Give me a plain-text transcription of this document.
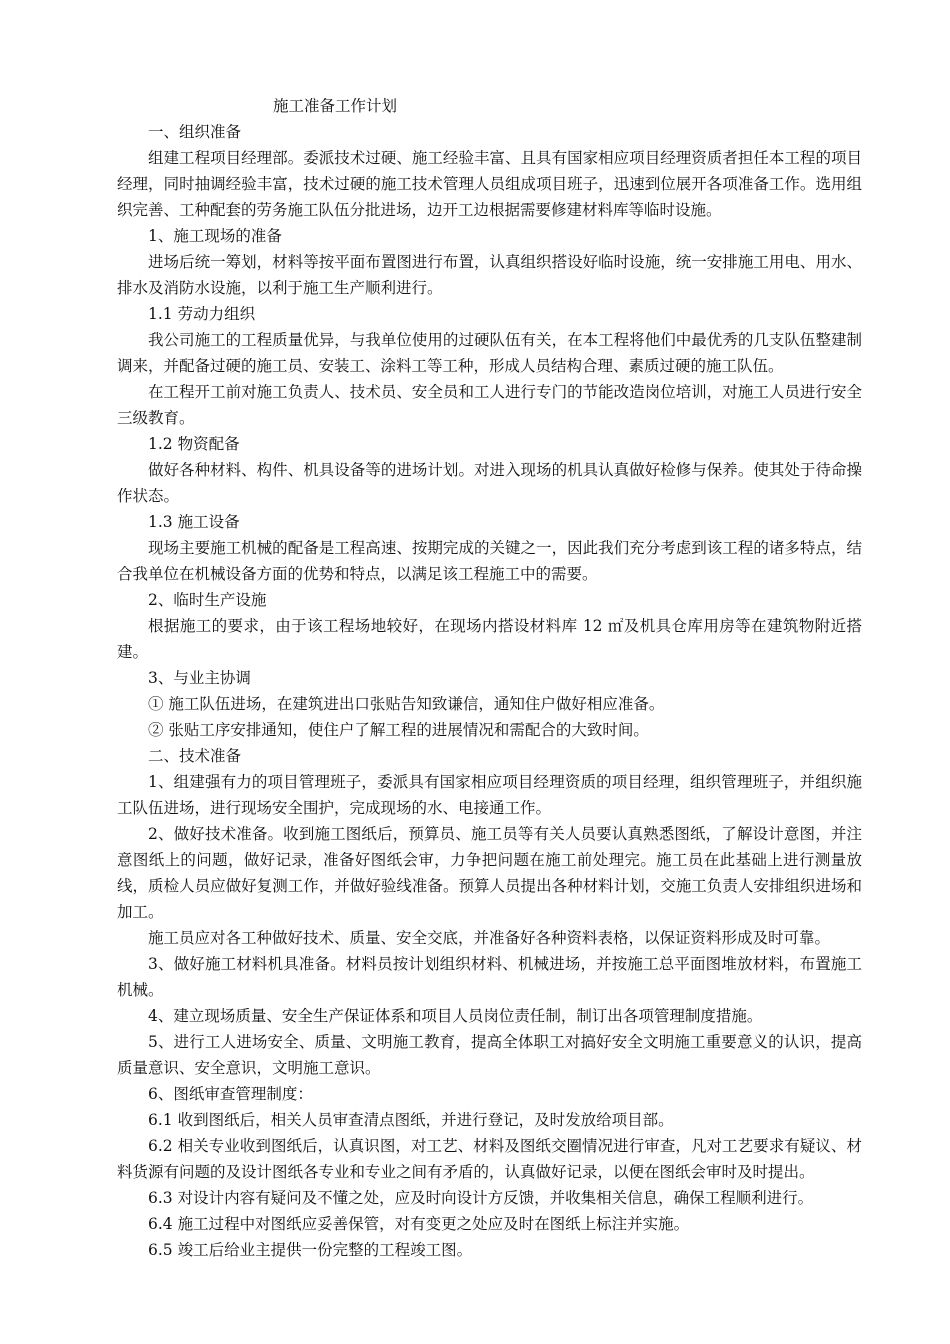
施工准备工作计划

一、组织准备

组建工程项目经理部。委派技术过硬、施工经验丰富、且具有国家相应项目经理资质者担任本工程的项目经理，同时抽调经验丰富，技术过硬的施工技术管理人员组成项目班子，迅速到位展开各项准备工作。选用组织完善、工种配套的劳务施工队伍分批进场，边开工边根据需要修建材料库等临时设施。

1、施工现场的准备

进场后统一筹划，材料等按平面布置图进行布置，认真组织搭设好临时设施，统一安排施工用电、用水、排水及消防水设施，以利于施工生产顺利进行。

1.1 劳动力组织

我公司施工的工程质量优异，与我单位使用的过硬队伍有关，在本工程将他们中最优秀的几支队伍整建制调来，并配备过硬的施工员、安装工、涂料工等工种，形成人员结构合理、素质过硬的施工队伍。

在工程开工前对施工负责人、技术员、安全员和工人进行专门的节能改造岗位培训，对施工人员进行安全三级教育。

1.2 物资配备

做好各种材料、构件、机具设备等的进场计划。对进入现场的机具认真做好检修与保养。使其处于待命操作状态。

1.3 施工设备

现场主要施工机械的配备是工程高速、按期完成的关键之一，因此我们充分考虑到该工程的诸多特点，结合我单位在机械设备方面的优势和特点，以满足该工程施工中的需要。

2、临时生产设施

根据施工的要求，由于该工程场地较好，在现场内搭设材料库 12 ㎡及机具仓库用房等在建筑物附近搭建。

3、与业主协调

① 施工队伍进场，在建筑进出口张贴告知致谦信，通知住户做好相应准备。

② 张贴工序安排通知，使住户了解工程的进展情况和需配合的大致时间。

二、技术准备

1、组建强有力的项目管理班子，委派具有国家相应项目经理资质的项目经理，组织管理班子，并组织施工队伍进场，进行现场安全围护，完成现场的水、电接通工作。

2、做好技术准备。收到施工图纸后，预算员、施工员等有关人员要认真熟悉图纸，了解设计意图，并注意图纸上的问题，做好记录，准备好图纸会审，力争把问题在施工前处理完。施工员在此基础上进行测量放线，质检人员应做好复测工作，并做好验线准备。预算人员提出各种材料计划，交施工负责人安排组织进场和加工。

施工员应对各工种做好技术、质量、安全交底，并准备好各种资料表格，以保证资料形成及时可靠。

3、做好施工材料机具准备。材料员按计划组织材料、机械进场，并按施工总平面图堆放材料，布置施工机械。

4、建立现场质量、安全生产保证体系和项目人员岗位责任制，制订出各项管理制度措施。

5、进行工人进场安全、质量、文明施工教育，提高全体职工对搞好安全文明施工重要意义的认识，提高质量意识、安全意识，文明施工意识。

6、图纸审查管理制度：

6.1 收到图纸后，相关人员审查清点图纸，并进行登记，及时发放给项目部。

6.2 相关专业收到图纸后，认真识图，对工艺、材料及图纸交圈情况进行审查，凡对工艺要求有疑议、材料货源有问题的及设计图纸各专业和专业之间有矛盾的，认真做好记录，以便在图纸会审时及时提出。

6.3 对设计内容有疑问及不懂之处，应及时向设计方反馈，并收集相关信息，确保工程顺利进行。

6.4 施工过程中对图纸应妥善保管，对有变更之处应及时在图纸上标注并实施。

6.5 竣工后给业主提供一份完整的工程竣工图。
